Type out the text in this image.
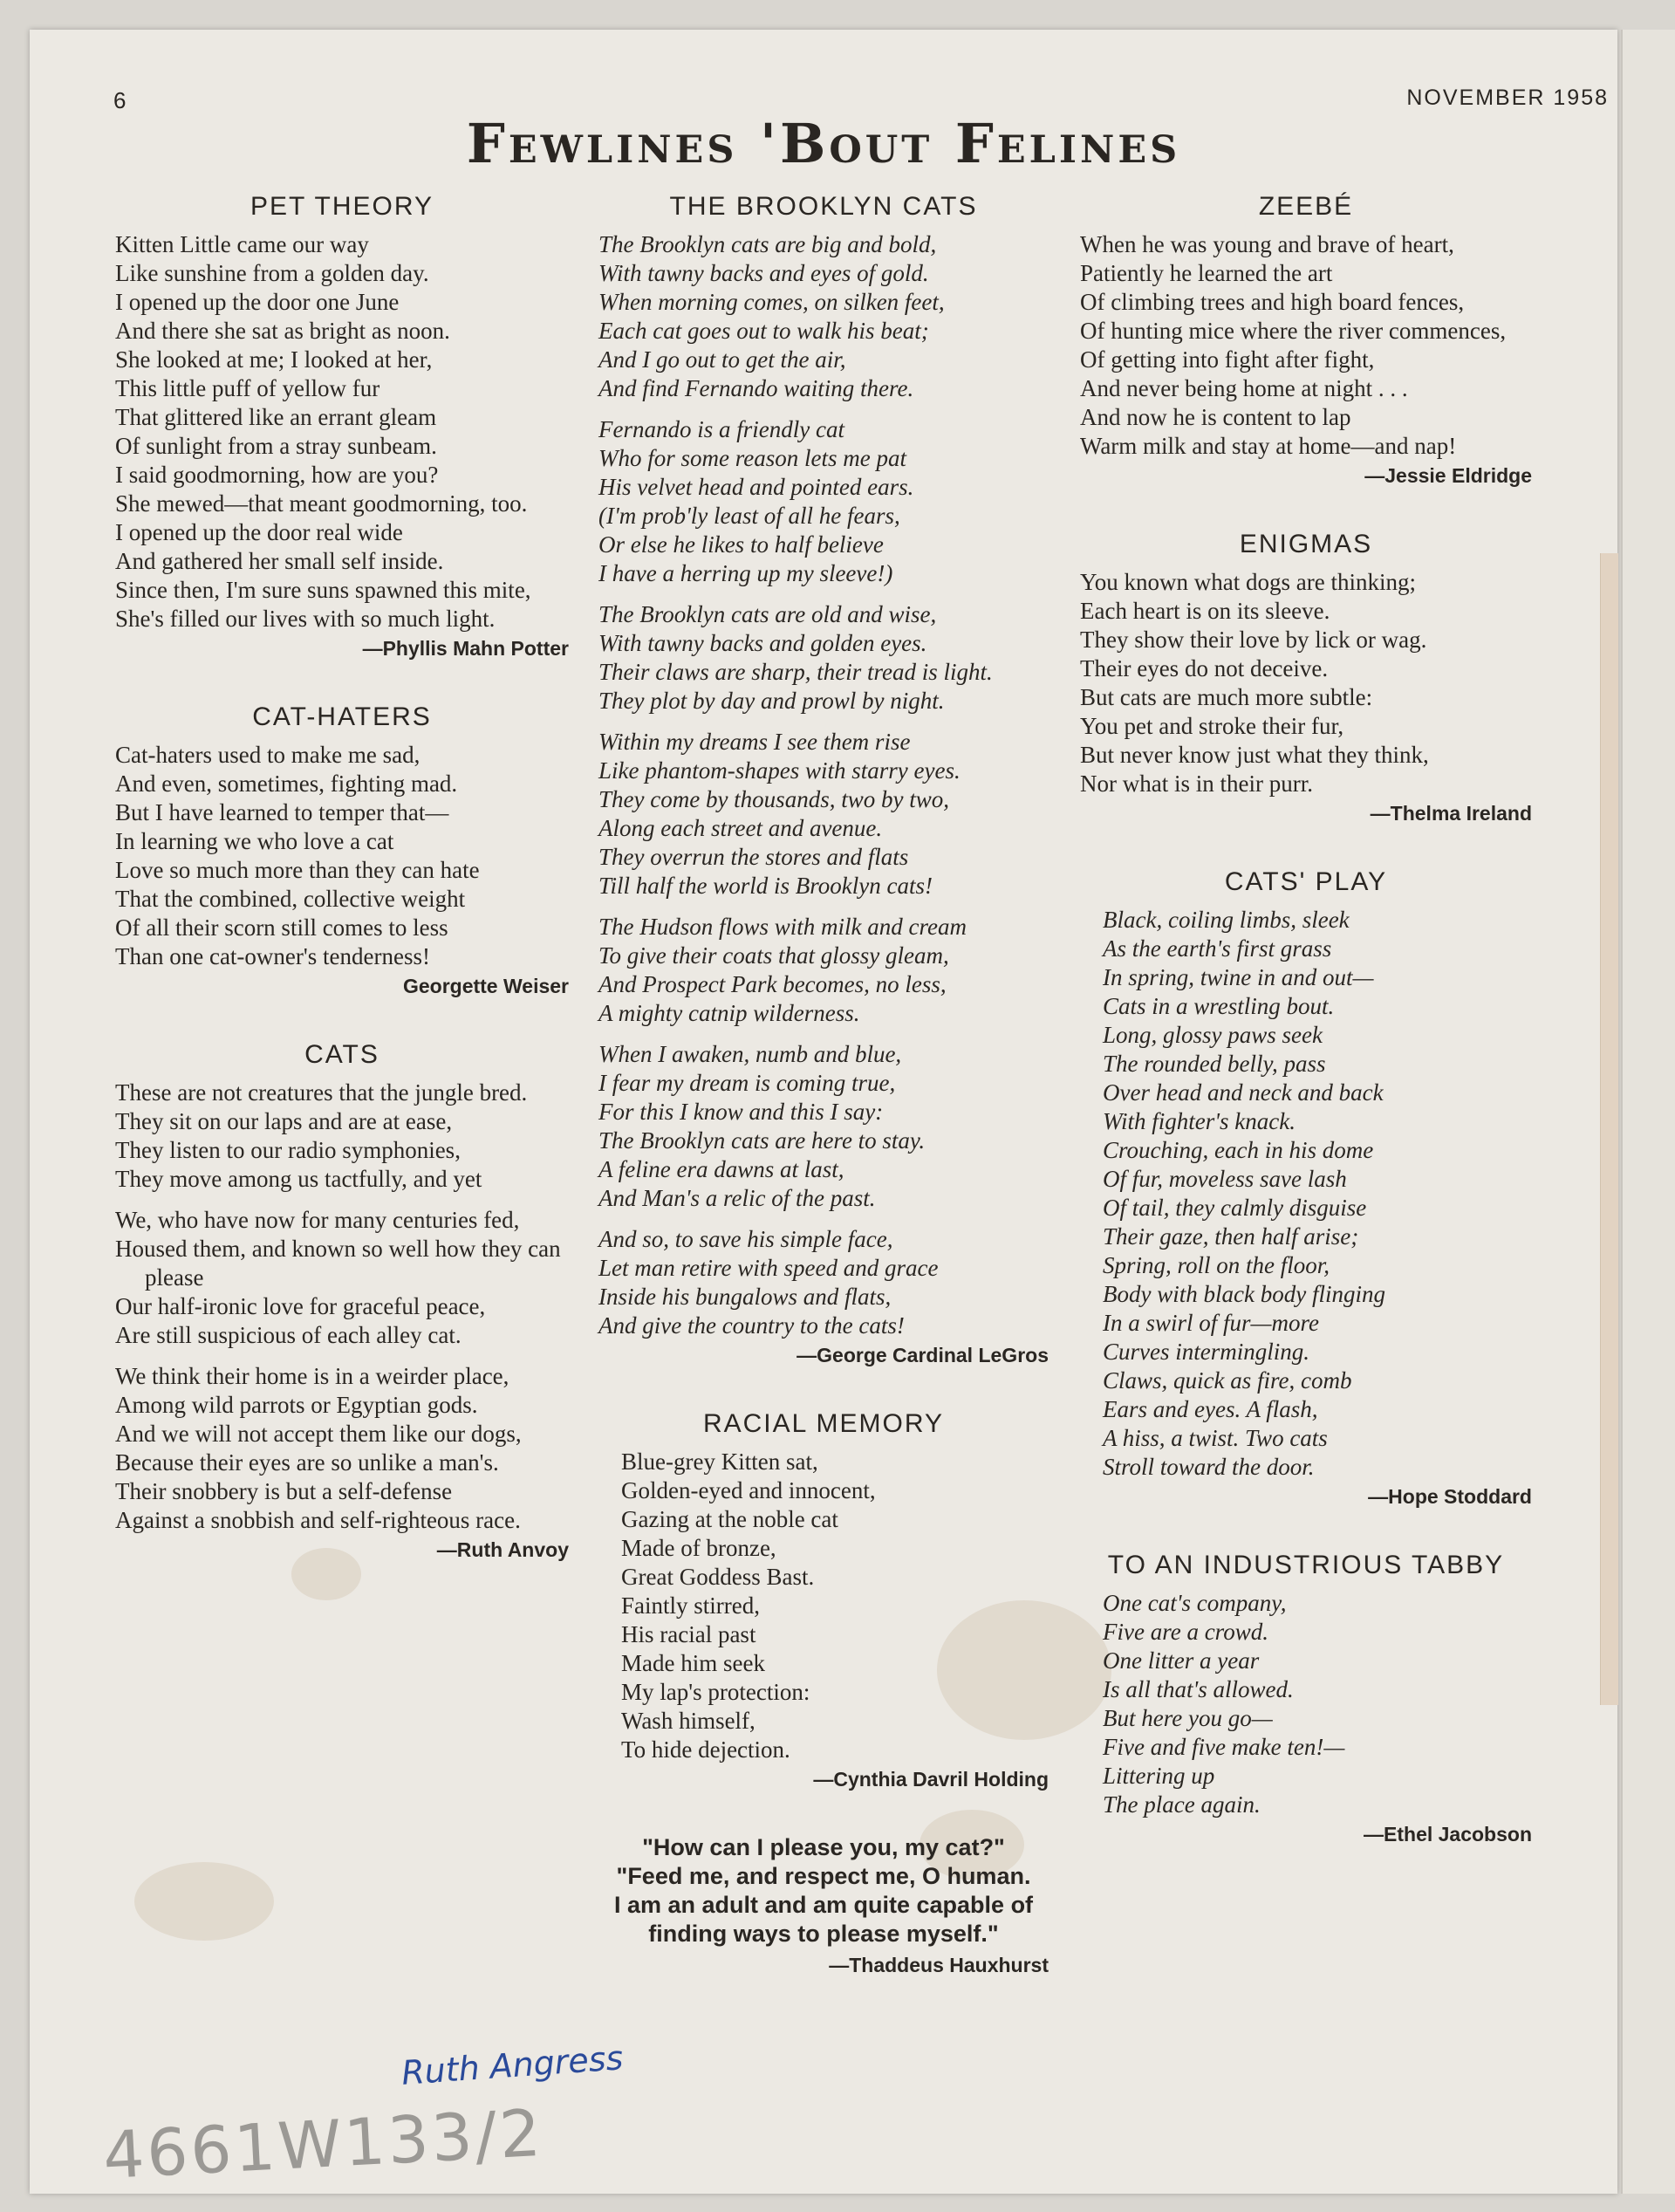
6	NOVEMBER 1958
Fewlines 'Bout Felines
PET THEORY
Kitten Little came our way
Like sunshine from a golden day.
I opened up the door one June
And there she sat as bright as noon.
She looked at me; I looked at her,
This little puff of yellow fur
That glittered like an errant gleam
Of sunlight from a stray sunbeam.
I said goodmorning, how are you?
She mewed—that meant goodmorning, too.
I opened up the door real wide
And gathered her small self inside.
Since then, I'm sure suns spawned this mite,
She's filled our lives with so much light.
—Phyllis Mahn Potter
CAT-HATERS
Cat-haters used to make me sad,
And even, sometimes, fighting mad.
But I have learned to temper that—
In learning we who love a cat
Love so much more than they can hate
That the combined, collective weight
Of all their scorn still comes to less
Than one cat-owner's tenderness!
Georgette Weiser
CATS
These are not creatures that the jungle bred.
They sit on our laps and are at ease,
They listen to our radio symphonies,
They move among us tactfully, and yet
We, who have now for many centuries fed,
Housed them, and known so well how they can please
Our half-ironic love for graceful peace,
Are still suspicious of each alley cat.
We think their home is in a weirder place,
Among wild parrots or Egyptian gods.
And we will not accept them like our dogs,
Because their eyes are so unlike a man's.
Their snobbery is but a self-defense
Against a snobbish and self-righteous race.
—Ruth Anvoy
THE BROOKLYN CATS
The Brooklyn cats are big and bold,
With tawny backs and eyes of gold.
When morning comes, on silken feet,
Each cat goes out to walk his beat;
And I go out to get the air,
And find Fernando waiting there.
Fernando is a friendly cat
Who for some reason lets me pat
His velvet head and pointed ears.
(I'm prob'ly least of all he fears,
Or else he likes to half believe
I have a herring up my sleeve!)
The Brooklyn cats are old and wise,
With tawny backs and golden eyes.
Their claws are sharp, their tread is light.
They plot by day and prowl by night.
Within my dreams I see them rise
Like phantom-shapes with starry eyes.
They come by thousands, two by two,
Along each street and avenue.
They overrun the stores and flats
Till half the world is Brooklyn cats!
The Hudson flows with milk and cream
To give their coats that glossy gleam,
And Prospect Park becomes, no less,
A mighty catnip wilderness.
When I awaken, numb and blue,
I fear my dream is coming true,
For this I know and this I say:
The Brooklyn cats are here to stay.
A feline era dawns at last,
And Man's a relic of the past.
And so, to save his simple face,
Let man retire with speed and grace
Inside his bungalows and flats,
And give the country to the cats!
—George Cardinal LeGros
RACIAL MEMORY
Blue-grey Kitten sat,
Golden-eyed and innocent,
Gazing at the noble cat
Made of bronze,
Great Goddess Bast.
Faintly stirred,
His racial past
Made him seek
My lap's protection:
Wash himself,
To hide dejection.
—Cynthia Davril Holding
"How can I please you, my cat?"
"Feed me, and respect me, O human.
I am an adult and am quite capable of
finding ways to please myself."
—Thaddeus Hauxhurst
ZEEBÉ
When he was young and brave of heart,
Patiently he learned the art
Of climbing trees and high board fences,
Of hunting mice where the river commences,
Of getting into fight after fight,
And never being home at night . . .
And now he is content to lap
Warm milk and stay at home—and nap!
—Jessie Eldridge
ENIGMAS
You known what dogs are thinking;
Each heart is on its sleeve.
They show their love by lick or wag.
Their eyes do not deceive.
But cats are much more subtle:
You pet and stroke their fur,
But never know just what they think,
Nor what is in their purr.
—Thelma Ireland
CATS' PLAY
Black, coiling limbs, sleek
As the earth's first grass
In spring, twine in and out—
Cats in a wrestling bout.
Long, glossy paws seek
The rounded belly, pass
Over head and neck and back
With fighter's knack.
Crouching, each in his dome
Of fur, moveless save lash
Of tail, they calmly disguise
Their gaze, then half arise;
Spring, roll on the floor,
Body with black body flinging
In a swirl of fur—more
Curves intermingling.
Claws, quick as fire, comb
Ears and eyes. A flash,
A hiss, a twist. Two cats
Stroll toward the door.
—Hope Stoddard
TO AN INDUSTRIOUS TABBY
One cat's company,
Five are a crowd.
One litter a year
Is all that's allowed.
But here you go—
Five and five make ten!—
Littering up
The place again.
—Ethel Jacobson
Ruth Angress
4661W133/2
